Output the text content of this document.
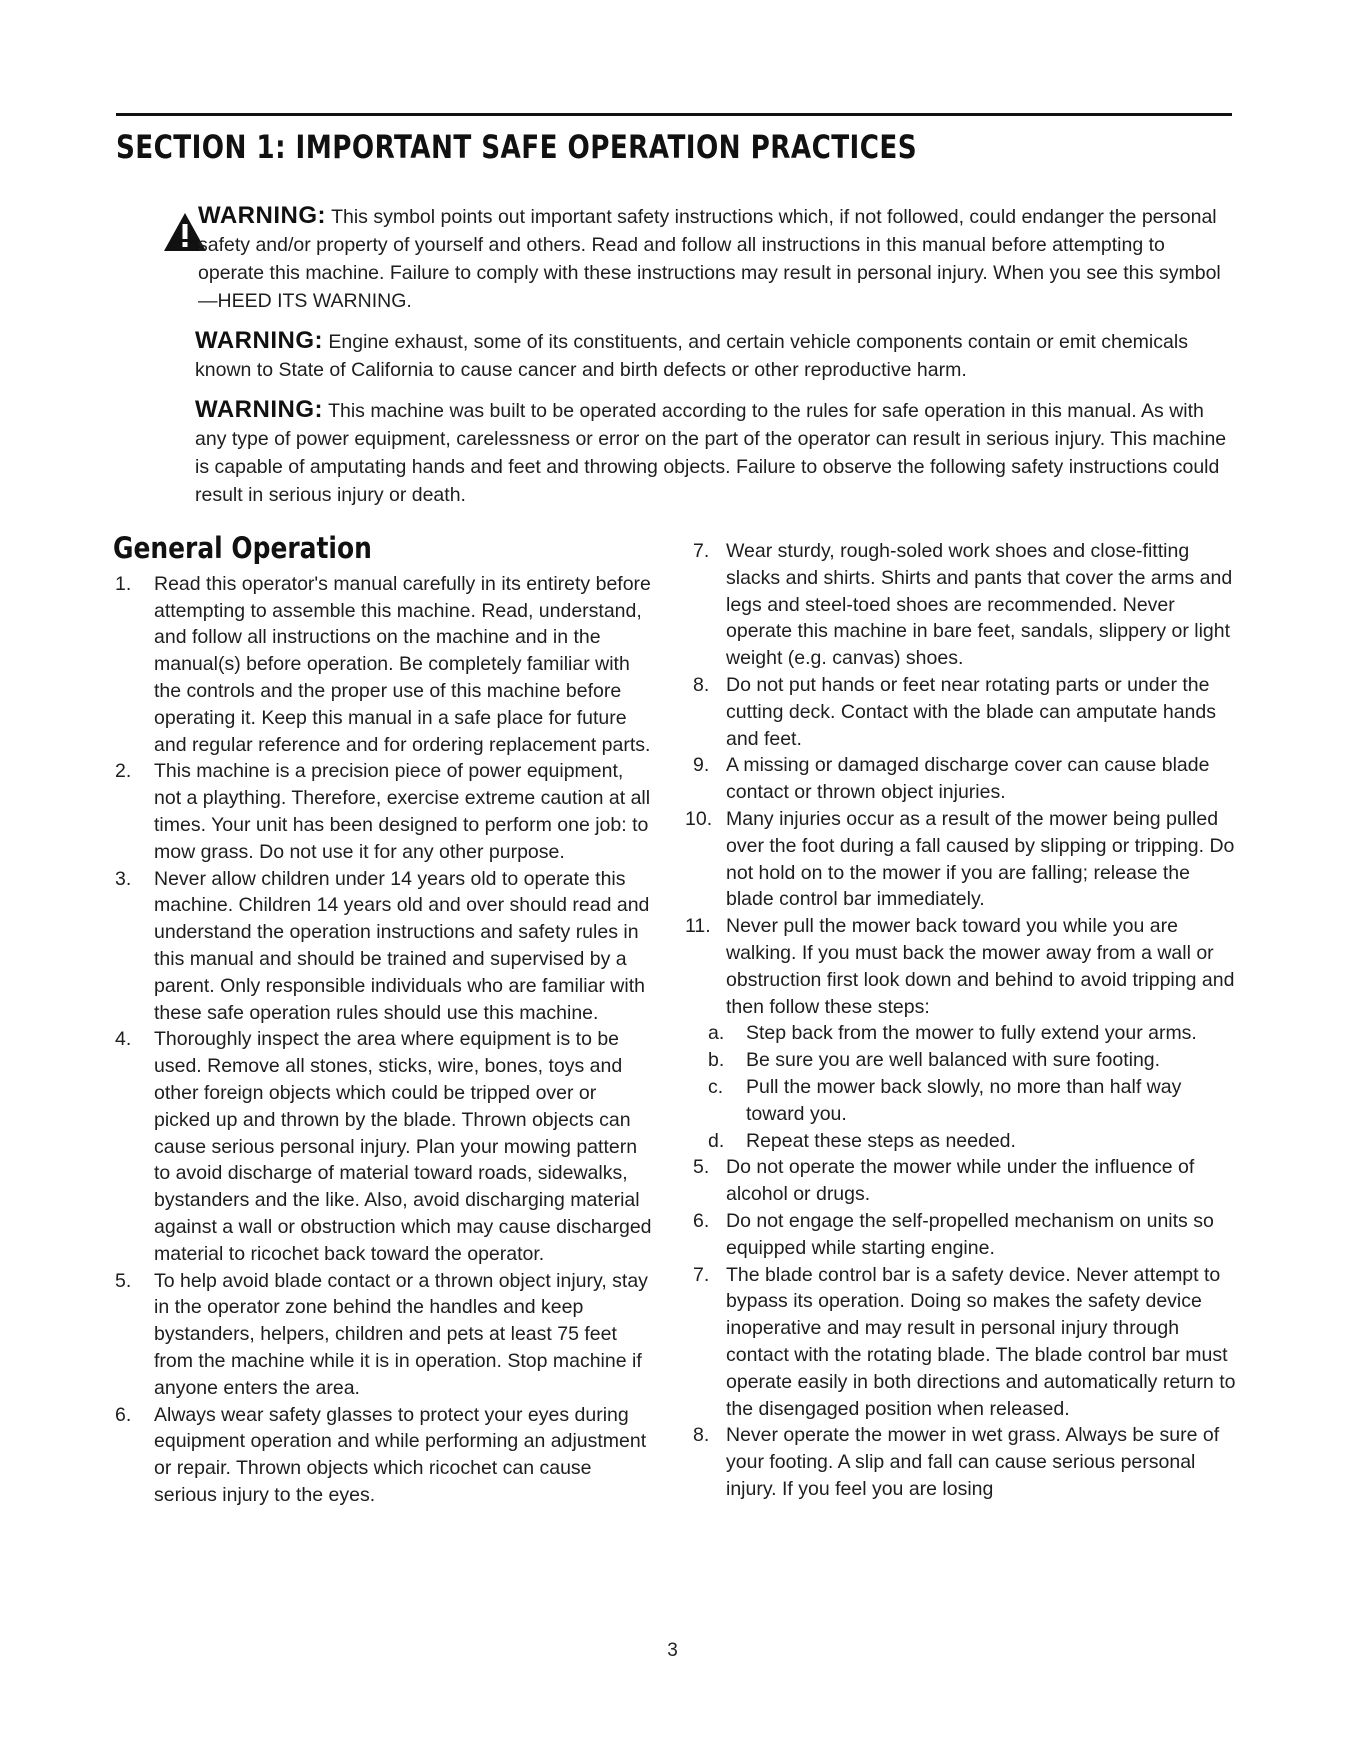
SECTION 1: IMPORTANT SAFE OPERATION PRACTICES

WARNING: This symbol points out important safety instructions which, if not followed, could endanger the personal safety and/or property of yourself and others. Read and follow all instructions in this manual before attempting to operate this machine. Failure to comply with these instructions may result in personal injury. When you see this symbol—HEED ITS WARNING.

WARNING: Engine exhaust, some of its constituents, and certain vehicle components contain or emit chemicals known to State of California to cause cancer and birth defects or other reproductive harm.

WARNING: This machine was built to be operated according to the rules for safe operation in this manual. As with any type of power equipment, carelessness or error on the part of the operator can result in serious injury. This machine is capable of amputating hands and feet and throwing objects. Failure to observe the following safety instructions could result in serious injury or death.

General Operation
1. Read this operator's manual carefully in its entirety before attempting to assemble this machine. Read, understand, and follow all instructions on the machine and in the manual(s) before operation. Be completely familiar with the controls and the proper use of this machine before operating it. Keep this manual in a safe place for future and regular reference and for ordering replacement parts.
2. This machine is a precision piece of power equipment, not a plaything. Therefore, exercise extreme caution at all times. Your unit has been designed to perform one job: to mow grass. Do not use it for any other purpose.
3. Never allow children under 14 years old to operate this machine. Children 14 years old and over should read and understand the operation instructions and safety rules in this manual and should be trained and supervised by a parent. Only responsible individuals who are familiar with these safe operation rules should use this machine.
4. Thoroughly inspect the area where equipment is to be used. Remove all stones, sticks, wire, bones, toys and other foreign objects which could be tripped over or picked up and thrown by the blade. Thrown objects can cause serious personal injury. Plan your mowing pattern to avoid discharge of material toward roads, sidewalks, bystanders and the like. Also, avoid discharging material against a wall or obstruction which may cause discharged material to ricochet back toward the operator.
5. To help avoid blade contact or a thrown object injury, stay in the operator zone behind the handles and keep bystanders, helpers, children and pets at least 75 feet from the machine while it is in operation. Stop machine if anyone enters the area.
6. Always wear safety glasses to protect your eyes during equipment operation and while performing an adjustment or repair. Thrown objects which ricochet can cause serious injury to the eyes.
7. Wear sturdy, rough-soled work shoes and close-fitting slacks and shirts. Shirts and pants that cover the arms and legs and steel-toed shoes are recommended. Never operate this machine in bare feet, sandals, slippery or light weight (e.g. canvas) shoes.
8. Do not put hands or feet near rotating parts or under the cutting deck. Contact with the blade can amputate hands and feet.
9. A missing or damaged discharge cover can cause blade contact or thrown object injuries.
10. Many injuries occur as a result of the mower being pulled over the foot during a fall caused by slipping or tripping. Do not hold on to the mower if you are falling; release the blade control bar immediately.
11. Never pull the mower back toward you while you are walking. If you must back the mower away from a wall or obstruction first look down and behind to avoid tripping and then follow these steps:
a. Step back from the mower to fully extend your arms.
b. Be sure you are well balanced with sure footing.
c. Pull the mower back slowly, no more than half way toward you.
d. Repeat these steps as needed.
5. Do not operate the mower while under the influence of alcohol or drugs.
6. Do not engage the self-propelled mechanism on units so equipped while starting engine.
7. The blade control bar is a safety device. Never attempt to bypass its operation. Doing so makes the safety device inoperative and may result in personal injury through contact with the rotating blade. The blade control bar must operate easily in both directions and automatically return to the disengaged position when released.
8. Never operate the mower in wet grass. Always be sure of your footing. A slip and fall can cause serious personal injury. If you feel you are losing
3
